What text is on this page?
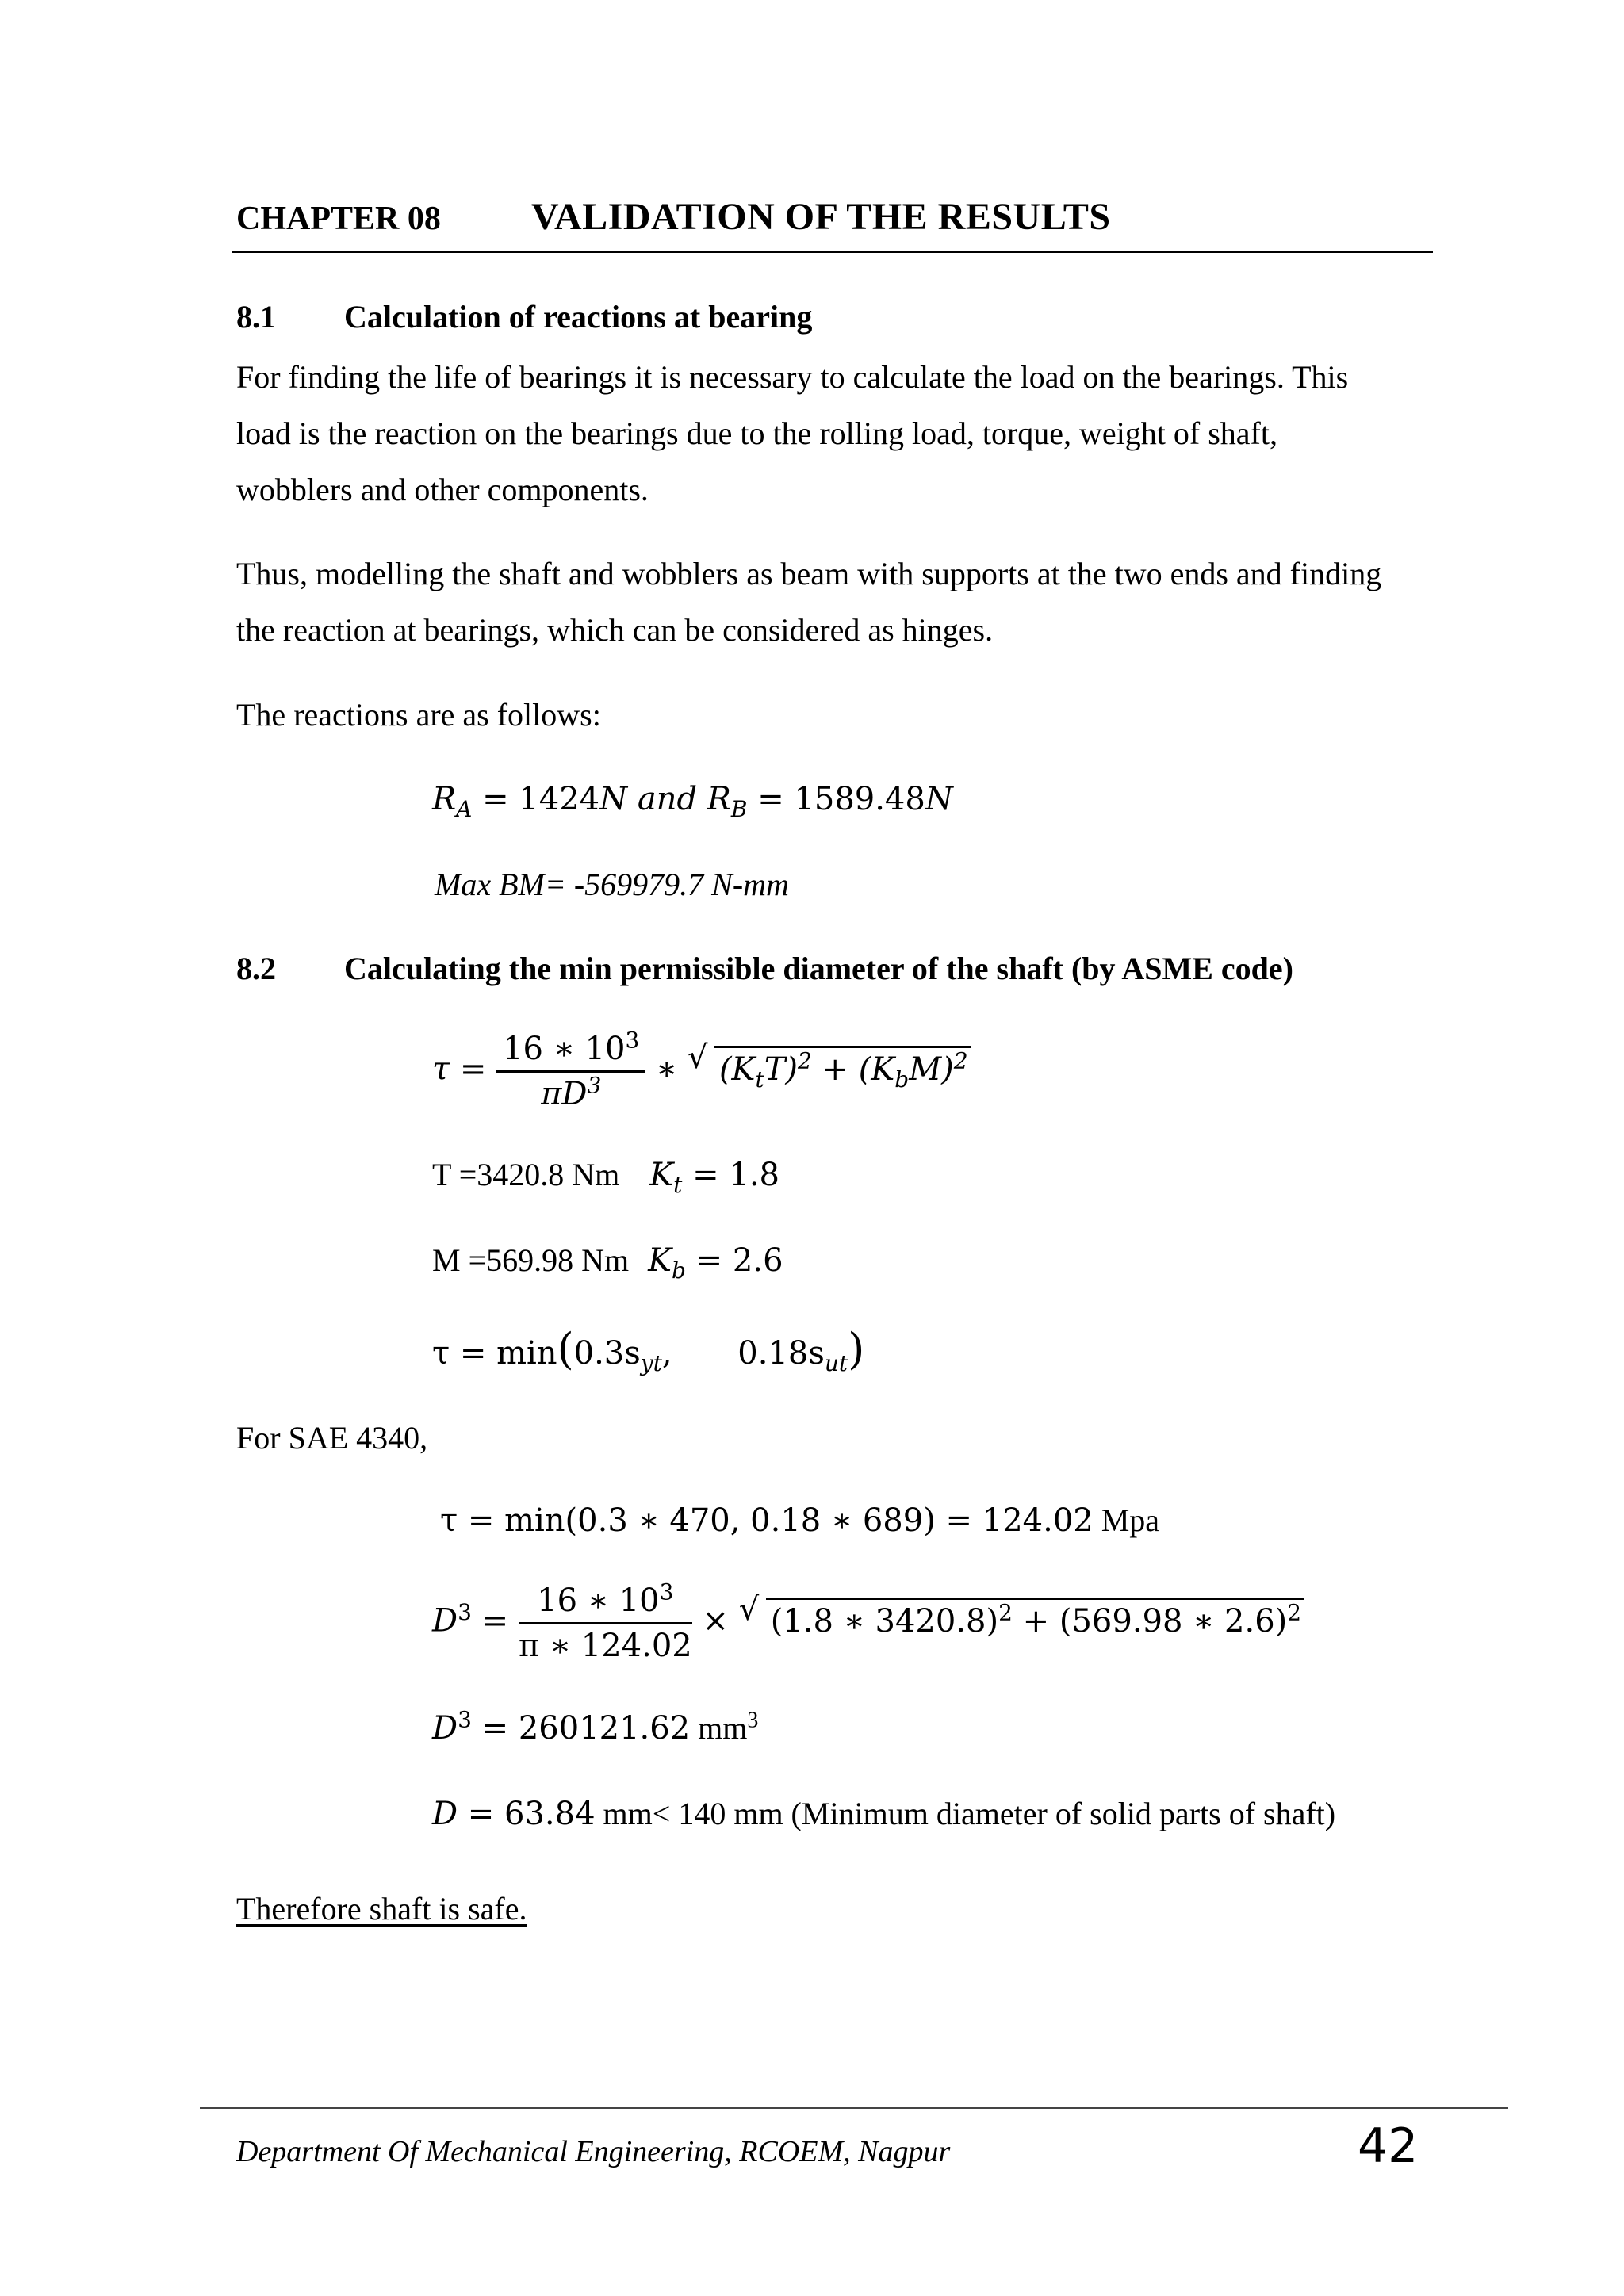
CHAPTER 08 VALIDATION OF THE RESULTS
8.1 Calculation of reactions at bearing
For finding the life of bearings it is necessary to calculate the load on the bearings. This
load is the reaction on the bearings due to the rolling load, torque, weight of shaft,
wobblers and other components.
Thus, modelling the shaft and wobblers as beam with supports at the two ends and finding
the reaction at bearings, which can be considered as hinges.
The reactions are as follows:
$R_A = 1424N$ and $R_B = 1589.48N$
Max BM= -569979.7 N-mm
8.2 Calculating the min permissible diameter of the shaft (by ASME code)
$\tau = \frac{16 ∗ 10^3}{\pi D^3}$ ∗ √ $(K_tT)^2 + (K_bM)^2$
T =3420.8 Nm $K_t = 1.8$
M =569.98 Nm $K_b = 2.6$
$\tau = \min(0.3s_{yt}$, $0.18s_{ut}$)
For SAE 4340,
τ = min(0.3 ∗ 470, 0.18 ∗ 689) = 124.02 Mpa
$D^3 = \frac{16 ∗ 10^3}{\pi ∗ 124.02}$ × √ (1.8 ∗ 3420.8)$^2$ + (569.98 ∗ 2.6)$^2$
$D^3 = 260121.62$ $mm^3$
D = 63.84 mm< 140 mm (Minimum diameter of solid parts of shaft)
Therefore shaft is safe.
Department Of Mechanical Engineering, RCOEM, Nagpur	42
